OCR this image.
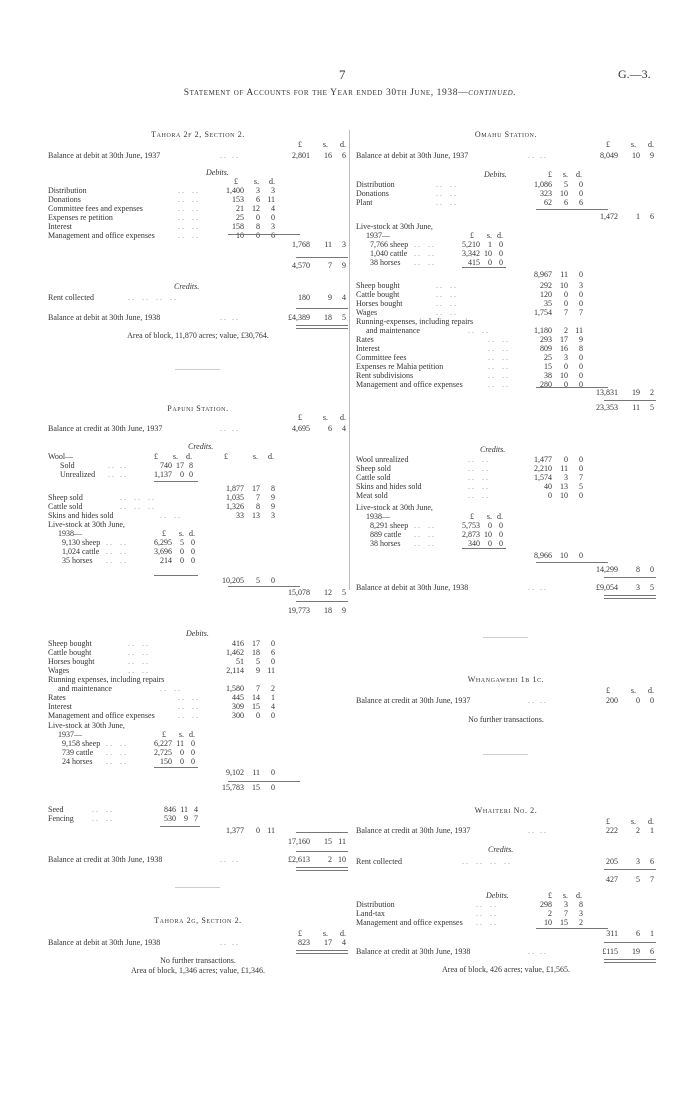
7	G.—3.
Statement of Accounts for the Year ended 30th June, 1938—continued.
Tahora 2f 2, Section 2.
£	s. d.
Balance at debit at 30th June, 1937	. .   . .	2,801 16 6
Debits.
£ s. d.
Distribution	. .    . .	1,400 3 3
Donations	. .    . .	153 6 11
Committee fees and expenses	. .    . .	21 12 4
Expenses re petition	. .    . .	25 0 0
Interest	. .    . .	158 8 3
Management and office expenses	. .    . .	10 0 6
1,768 11 3
4,570 7 9
Credits.
Rent collected	. .    . .    . .    . .	180 9 4
Balance at debit at 30th June, 1938	. .   . .	£4,389 18 5
Area of block, 11,870 acres; value, £30,764.
Papuni Station.
£	s. d.
Balance at credit at 30th June, 1937	. .   . .	4,695 6 4
Credits.
Wool—	£ s. d.	£	s. d.
Sold	. .   . .	740 17 8
Unrealized . .   . .	1,137 0 0
1,877 17 8
Sheep sold	. .    . .    . .	1,035 7 9
Cattle sold	. .    . .    . .	1,326 8 9
Skins and hides sold	. .    . .	33 13 3
Live-stock at 30th June,
1938—	£ s. d.
9,130 sheep . .    . .	6,295 5 0
1,024 cattle . .    . .	3,696 0 0
35 horses . .    . .	214 0 0
10,205 5 0
15,078 12 5
19,773 18 9
Debits.
Sheep bought	. .    . .	416 17 0
Cattle bought	. .    . .	1,462 18 6
Horses bought	. .    . .	51 5 0
Wages	. .    . .	2,114 9 11
Running expenses, including repairs
and maintenance	. .    . .	1,580 7 2
Rates	. .    . .	445 14 1
Interest	. .    . .	309 15 4
Management and office expenses	. .    . .	300 0 0
Live-stock at 30th June,
1937—	£ s. d.
9,158 sheep . .    . .	6,227 11 0
739 cattle . .    . .	2,725 0 0
24 horses . .    . .	150 0 0
9,102 11 0
15,783 15 0
Seed	. .    . .	846 11 4
Fencing . .    . .	530 9 7
1,377 0 11
17,160 15 11
Balance at credit at 30th June, 1938	. .   . .	£2,613 2 10
Tahora 2g, Section 2.
£	s. d.
Balance at debit at 30th June, 1938	. .   . .	823 17 4
No further transactions.
Area of block, 1,346 acres; value, £1,346.
Omahu Station.
£	s. d.
Balance at debit at 30th June, 1937	. .   . .	8,049 10 9
Debits.	£ s. d.
Distribution	. .    . .	1,086 5 0
Donations	. .    . .	323 10 0
Plant	. .    . .	62 6 6
1,472 1 6
Live-stock at 30th June,
1937—	£ s. d.
7,766 sheep . .    . .	5,210 1 0
1,040 cattle . .    . .	3,342 10 0
38 horses . .    . .	415 0 0
8,967 11 0
Sheep bought	. .    . .	292 10 3
Cattle bought	. .    . .	120 0 0
Horses bought	. .    . .	35 0 0
Wages	. .    . .	1,754 7 7
Running-expenses, including repairs
and maintenance	. .    . .	1,180 2 11
Rates	. .    . .	293 17 9
Interest	. .    . .	809 16 8
Committee fees	. .    . .	25 3 0
Expenses re Mahia petition	. .    . .	15 0 0
Rent subdivisions	. .    . .	38 10 0
Management and office expenses	. .    . .	280 0 0
13,831 19 2
23,353 11 5
Credits.
Wool unrealized	. .    . .	1,477 0 0
Sheep sold	. .    . .	2,210 11 0
Cattle sold	. .    . .	1,574 3 7
Skins and hides sold	. .    . .	40 13 5
Meat sold	. .    . .	0 10 0
Live-stock at 30th June,
1938—	£ s. d.
8,291 sheep . .    . .	5,753 0 0
889 cattle . .    . .	2,873 10 0
38 horses . .    . .	340 0 0
8,966 10 0
14,299 8 0
Balance at debit at 30th June, 1938	. .   . .	£9,054 3 5
Whangawehi 1b 1c.
£	s. d.
Balance at credit at 30th June, 1937	. .   . .	200 0 0
No further transactions.
Whaiteri No. 2.
£	s. d.
Balance at credit at 30th June, 1937	. .   . .	222 2 1
Credits.
Rent collected	. .    . .    . .    . .	205 3 6
427 5 7
Debits.	£ s. d.
Distribution	. .    . .	298 3 8
Land-tax	. .    . .	2 7 3
Management and office expenses . .    . .	10 15 2
311 6 1
Balance at credit at 30th June, 1938	. .   . .	£115 19 6
Area of block, 426 acres; value, £1,565.
